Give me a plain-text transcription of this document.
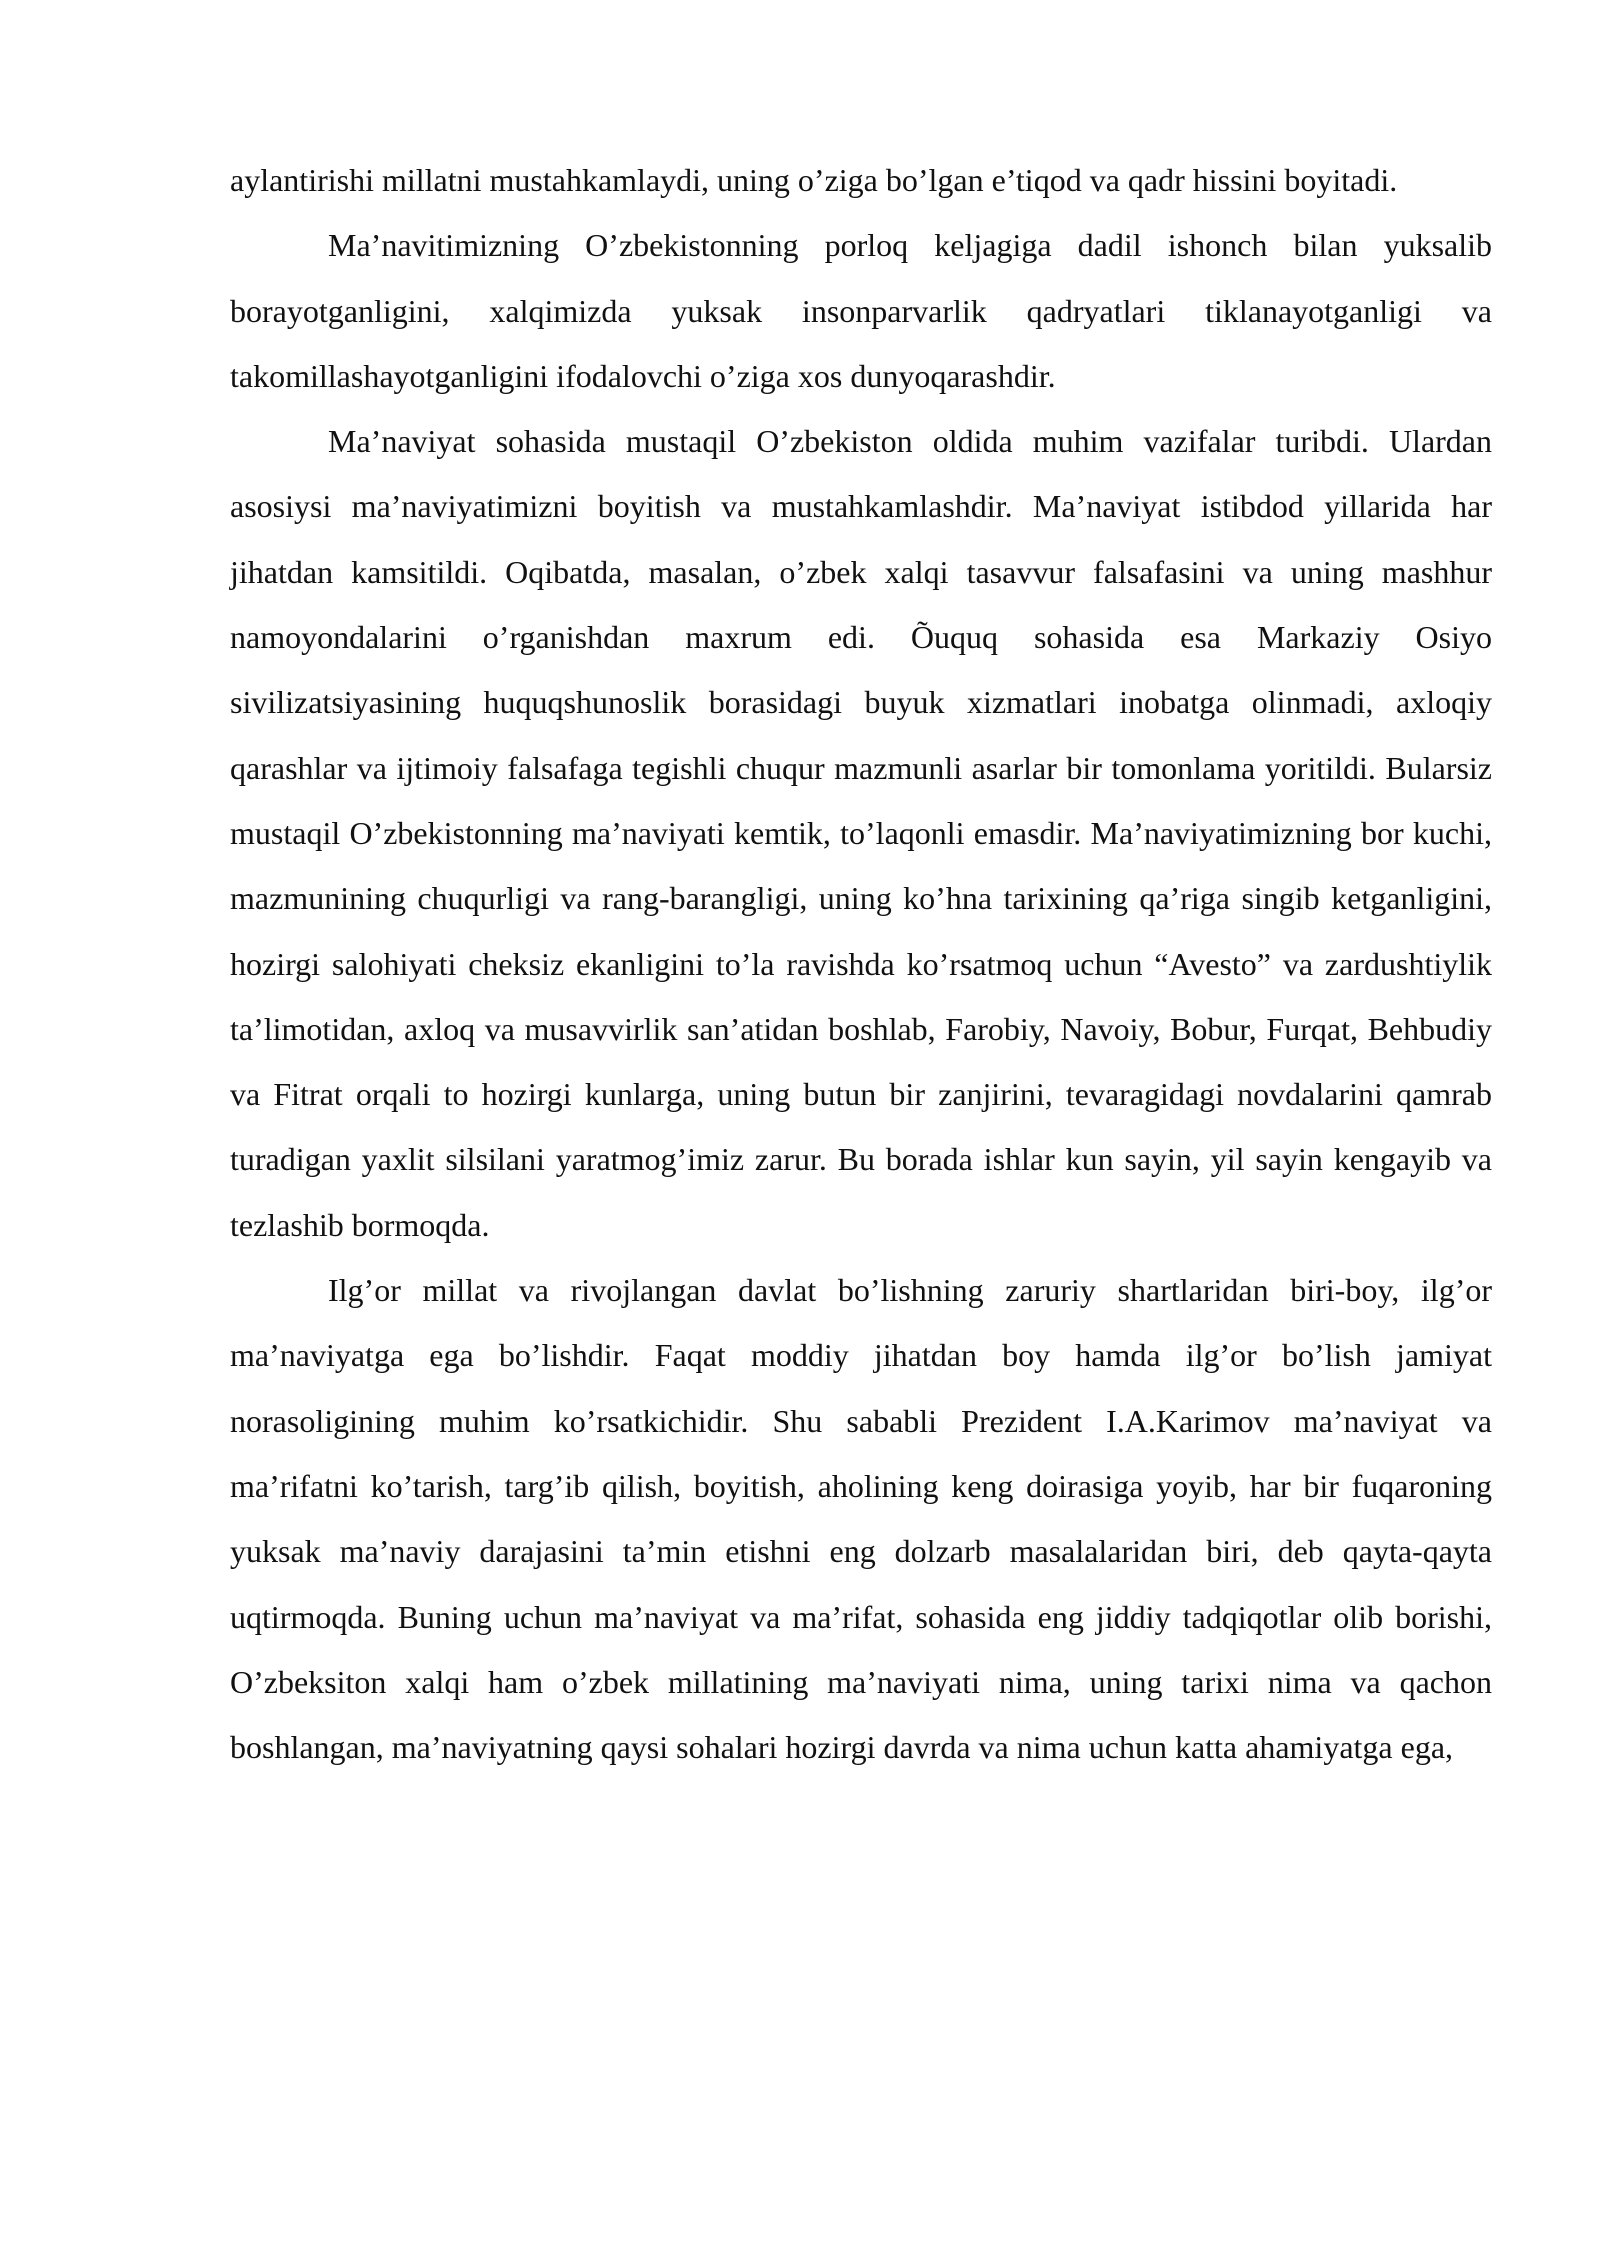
aylantirishi millatni mustahkamlaydi, uning o’ziga bo’lgan e’tiqod va qadr hissini boyitadi.

Ma’navitimizning O’zbekistonning porloq keljagiga dadil ishonch bilan yuksalib borayotganligini, xalqimizda yuksak insonparvarlik qadryatlari tiklanayotganligi va takomillashayotganligini ifodalovchi o’ziga xos dunyoqarashdir.

Ma’naviyat sohasida mustaqil O’zbekiston oldida muhim vazifalar turibdi. Ulardan asosiysi ma’naviyatimizni boyitish va mustahkamlashdir. Ma’naviyat istibdod yillarida har jihatdan kamsitildi. Oqibatda, masalan, o’zbek xalqi tasavvur falsafasini va uning mashhur namoyondalarini o’rganishdan maxrum edi. Õuquq sohasida esa Markaziy Osiyo sivilizatsiyasining huquqshunoslik borasidagi buyuk xizmatlari inobatga olinmadi, axloqiy qarashlar va ijtimoiy falsafaga tegishli chuqur mazmunli asarlar bir tomonlama yoritildi. Bularsiz mustaqil O’zbekistonning ma’naviyati kemtik, to’laqonli emasdir. Ma’naviyatimizning bor kuchi, mazmunining chuqurligi va rang-barangligi, uning ko’hna tarixining qa’riga singib ketganligini, hozirgi salohiyati cheksiz ekanligini to’la ravishda ko’rsatmoq uchun “Avesto” va zardushtiylik ta’limotidan, axloq va musavvirlik san’atidan boshlab, Farobiy, Navoiy, Bobur, Furqat, Behbudiy va Fitrat orqali to hozirgi kunlarga, uning butun bir zanjirini, tevaragidagi novdalarini qamrab turadigan yaxlit silsilani yaratmog’imiz zarur. Bu borada ishlar kun sayin, yil sayin kengayib va tezlashib bormoqda.

Ilg’or millat va rivojlangan davlat bo’lishning zaruriy shartlaridan biri-boy, ilg’or ma’naviyatga ega bo’lishdir. Faqat moddiy jihatdan boy hamda ilg’or bo’lish jamiyat norasoligining muhim ko’rsatkichidir. Shu sababli Prezident I.A.Karimov ma’naviyat va ma’rifatni ko’tarish, targ’ib qilish, boyitish, aholining keng doirasiga yoyib, har bir fuqaroning yuksak ma’naviy darajasini ta’min etishni eng dolzarb masalalaridan biri, deb qayta-qayta uqtirmoqda. Buning uchun ma’naviyat va ma’rifat, sohasida eng jiddiy tadqiqotlar olib borishi, O’zbeksiton xalqi ham o’zbek millatining ma’naviyati nima, uning tarixi nima va qachon boshlangan, ma’naviyatning qaysi sohalari hozirgi davrda va nima uchun katta ahamiyatga ega,
